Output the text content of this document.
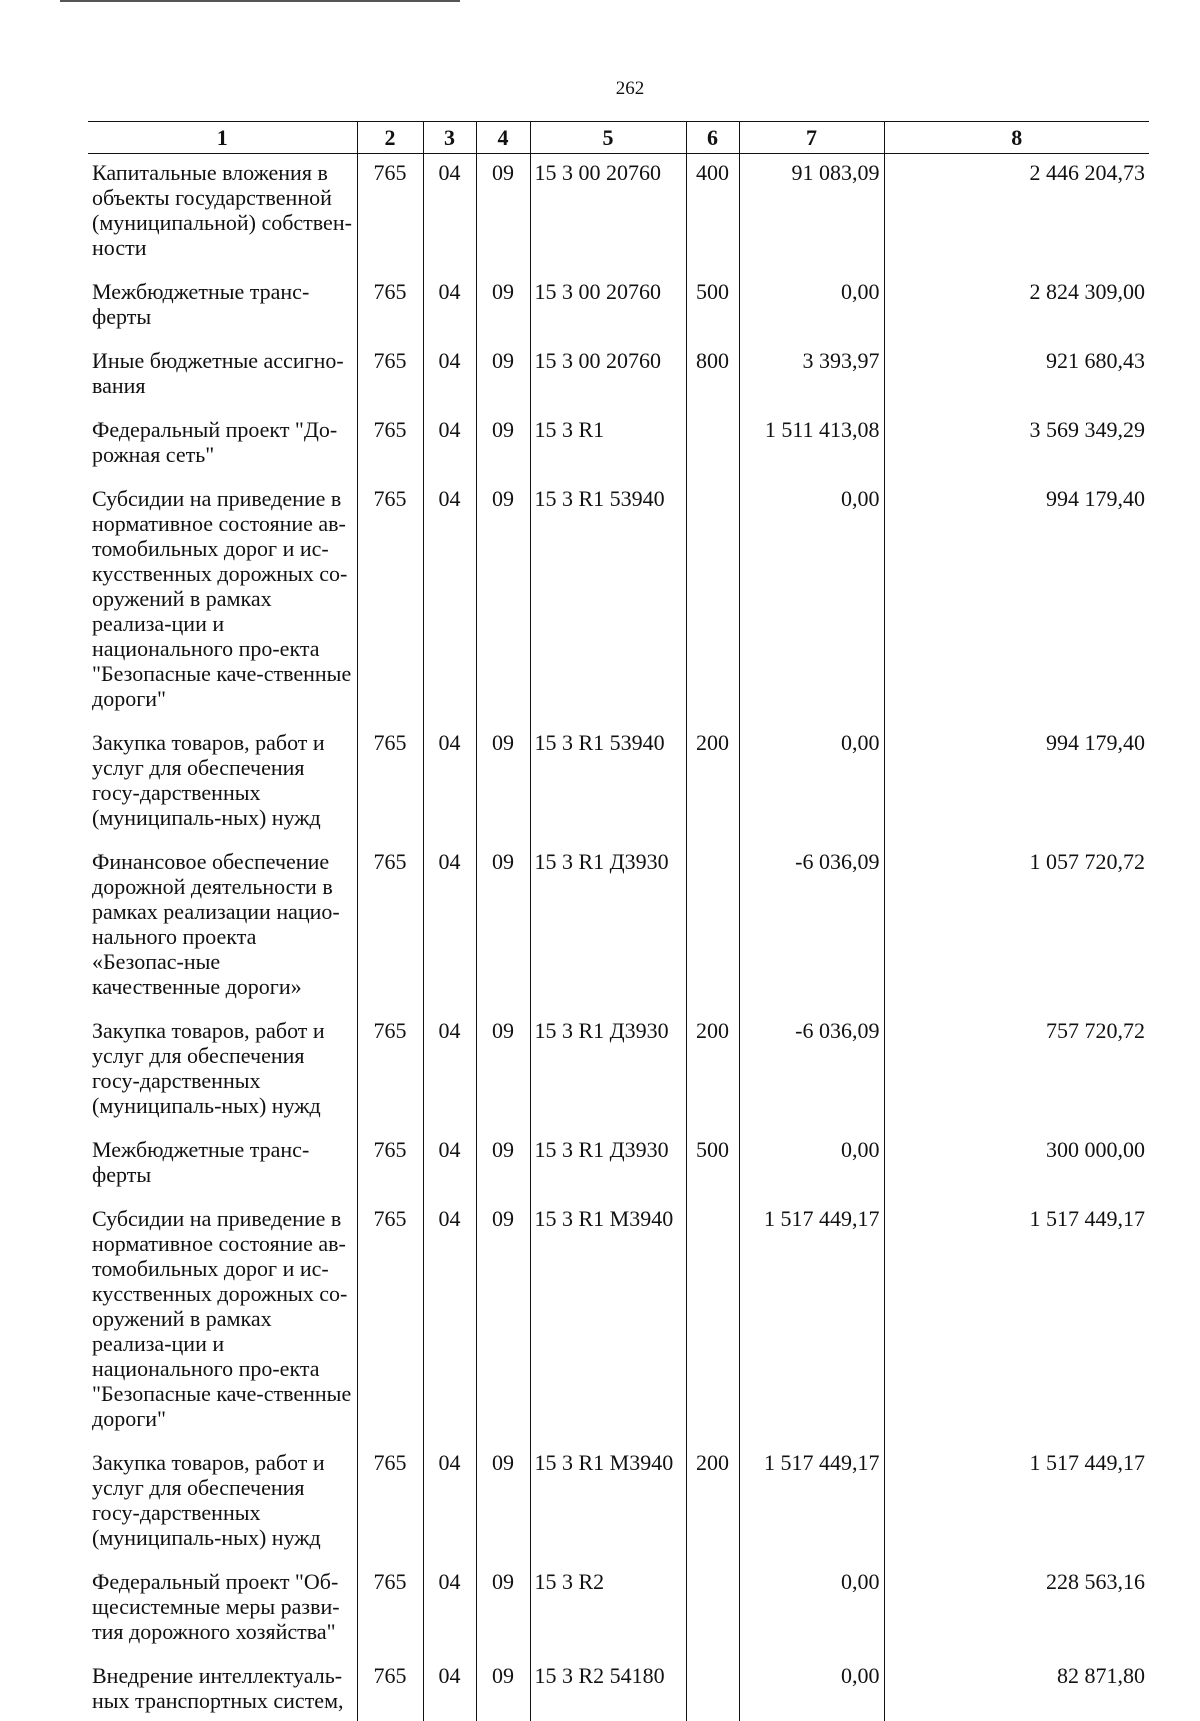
262
1	2	3	4	5	6	7	8
Капитальные вложения в объекты государственной (муниципальной) собствен-ности	765	04	09	15 3 00 20760	400	91 083,09	2 446 204,73
Межбюджетные транс-ферты	765	04	09	15 3 00 20760	500	0,00	2 824 309,00
Иные бюджетные ассигно-вания	765	04	09	15 3 00 20760	800	3 393,97	921 680,43
Федеральный проект "До-рожная сеть"	765	04	09	15 3 R1		1 511 413,08	3 569 349,29
Субсидии на приведение в нормативное состояние ав-томобильных дорог и ис-кусственных дорожных со-оружений в рамках реализа-ции и национального про-екта "Безопасные каче-ственные дороги"	765	04	09	15 3 R1 53940		0,00	994 179,40
Закупка товаров, работ и услуг для обеспечения госу-дарственных (муниципаль-ных) нужд	765	04	09	15 3 R1 53940	200	0,00	994 179,40
Финансовое обеспечение дорожной деятельности в рамках реализации нацио-нального проекта «Безопас-ные качественные дороги»	765	04	09	15 3 R1 Д3930		-6 036,09	1 057 720,72
Закупка товаров, работ и услуг для обеспечения госу-дарственных (муниципаль-ных) нужд	765	04	09	15 3 R1 Д3930	200	-6 036,09	757 720,72
Межбюджетные транс-ферты	765	04	09	15 3 R1 Д3930	500	0,00	300 000,00
Субсидии на приведение в нормативное состояние ав-томобильных дорог и ис-кусственных дорожных со-оружений в рамках реализа-ции и национального про-екта "Безопасные каче-ственные дороги"	765	04	09	15 3 R1 М3940		1 517 449,17	1 517 449,17
Закупка товаров, работ и услуг для обеспечения госу-дарственных (муниципаль-ных) нужд	765	04	09	15 3 R1 М3940	200	1 517 449,17	1 517 449,17
Федеральный проект "Об-щесистемные меры разви-тия дорожного хозяйства"	765	04	09	15 3 R2		0,00	228 563,16
Внедрение интеллектуаль-ных транспортных систем,	765	04	09	15 3 R2 54180		0,00	82 871,80
